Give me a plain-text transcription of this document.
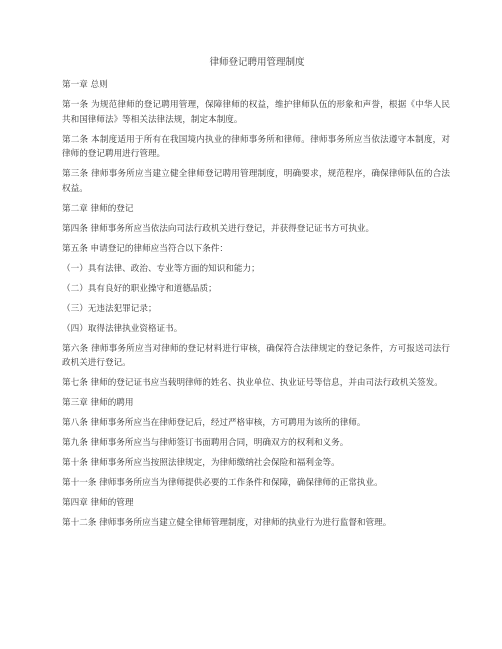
律师登记聘用管理制度

第一章 总则

第一条 为规范律师的登记聘用管理，保障律师的权益，维护律师队伍的形象和声誉，根据《中华人民共和国律师法》等相关法律法规，制定本制度。

第二条 本制度适用于所有在我国境内执业的律师事务所和律师。律师事务所应当依法遵守本制度，对律师的登记聘用进行管理。

第三条 律师事务所应当建立健全律师登记聘用管理制度，明确要求，规范程序，确保律师队伍的合法权益。

第二章 律师的登记

第四条 律师事务所应当依法向司法行政机关进行登记，并获得登记证书方可执业。

第五条 申请登记的律师应当符合以下条件：

（一）具有法律、政治、专业等方面的知识和能力；

（二）具有良好的职业操守和道德品质；

（三）无违法犯罪记录；

（四）取得法律执业资格证书。

第六条 律师事务所应当对律师的登记材料进行审核，确保符合法律规定的登记条件，方可报送司法行政机关进行登记。

第七条 律师的登记证书应当载明律师的姓名、执业单位、执业证号等信息，并由司法行政机关签发。

第三章 律师的聘用

第八条 律师事务所应当在律师登记后，经过严格审核，方可聘用为该所的律师。

第九条 律师事务所应当与律师签订书面聘用合同，明确双方的权利和义务。

第十条 律师事务所应当按照法律规定，为律师缴纳社会保险和福利金等。

第十一条 律师事务所应当为律师提供必要的工作条件和保障，确保律师的正常执业。

第四章 律师的管理

第十二条 律师事务所应当建立健全律师管理制度，对律师的执业行为进行监督和管理。
